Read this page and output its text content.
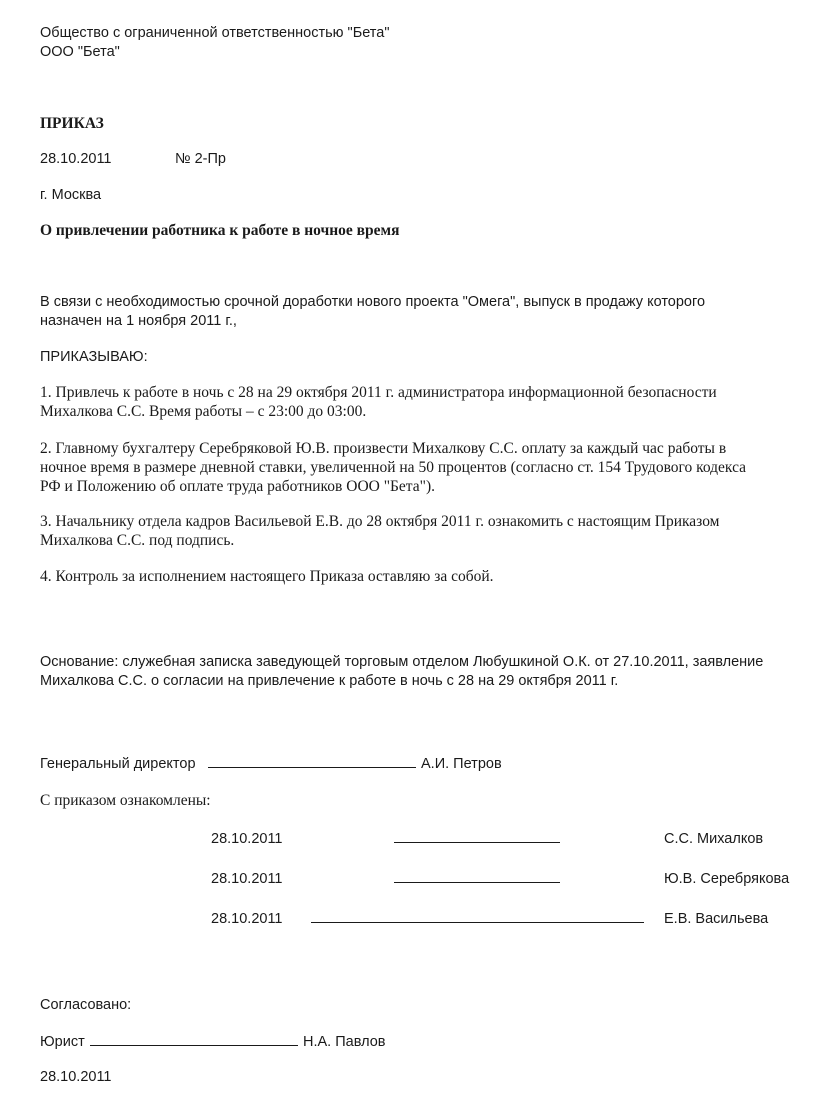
Общество с ограниченной ответственностью "Бета"
ООО "Бета"
ПРИКАЗ
28.10.2011	№ 2-Пр
г. Москва
О привлечении работника к работе в ночное время
В связи с необходимостью срочной доработки нового проекта "Омега", выпуск в продажу которого
назначен на 1 ноября 2011 г.,
ПРИКАЗЫВАЮ:
1. Привлечь к работе в ночь с 28 на 29 октября 2011 г. администратора информационной безопасности
Михалкова С.С. Время работы – с 23:00 до 03:00.
2. Главному бухгалтеру Серебряковой Ю.В. произвести Михалкову С.С. оплату за каждый час работы в
ночное время в размере дневной ставки, увеличенной на 50 процентов (согласно ст. 154 Трудового кодекса
РФ и Положению об оплате труда работников ООО "Бета").
3. Начальнику отдела кадров Васильевой Е.В. до 28 октября 2011 г. ознакомить с настоящим Приказом
Михалкова С.С. под подпись.
4. Контроль за исполнением настоящего Приказа оставляю за собой.
Основание: служебная записка заведующей торговым отделом Любушкиной О.К. от 27.10.2011, заявление
Михалкова С.С. о согласии на привлечение к работе в ночь с 28 на 29 октября 2011 г.
Генеральный директор	А.И. Петров
С приказом ознакомлены:
28.10.2011	С.С. Михалков
28.10.2011	Ю.В. Серебрякова
28.10.2011	Е.В. Васильева
Согласовано:
Юрист	Н.А. Павлов
28.10.2011
